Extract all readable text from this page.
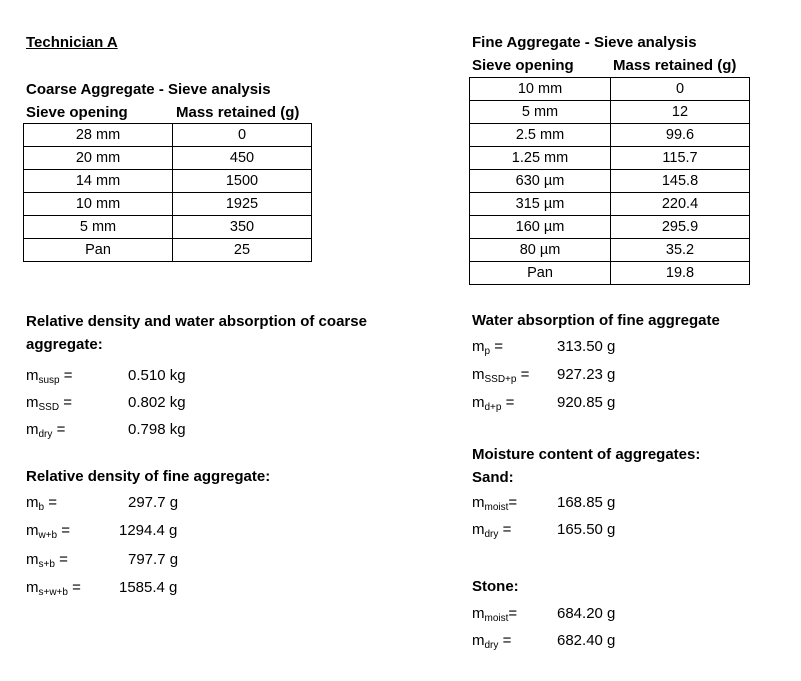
Technician A
Coarse Aggregate - Sieve analysis
Sieve opening	Mass retained (g)
28 mm	0
20 mm	450
14 mm	1500
10 mm	1925
5 mm	350
Pan	25
Fine Aggregate - Sieve analysis
Sieve opening	Mass retained (g)
10 mm	0
5 mm	12
2.5 mm	99.6
1.25 mm	115.7
630 µm	145.8
315 µm	220.4
160 µm	295.9
80 µm	35.2
Pan	19.8
Relative density and water absorption of coarse
aggregate:
$m_{susp}$ =	0.510 kg
$m_{SSD}$ =	0.802 kg
$m_{dry}$ =	0.798 kg
Relative density of fine aggregate:
$m_b$ =	297.7 g
$m_{w+b}$ =	1294.4 g
$m_{s+b}$ =	797.7 g
$m_{s+w+b}$ =	1585.4 g
Water absorption of fine aggregate
$m_p$ =	313.50 g
$m_{SSD+p} = 927.23$ g
$m_{d+p}$ =	920.85 g
Moisture content of aggregates:
Sand:
$m_{moist}=$	168.85 g
$m_{dry}$ =	165.50 g
Stone:
$m_{moist}=$	684.20 g
$m_{dry}$ =	682.40 g
